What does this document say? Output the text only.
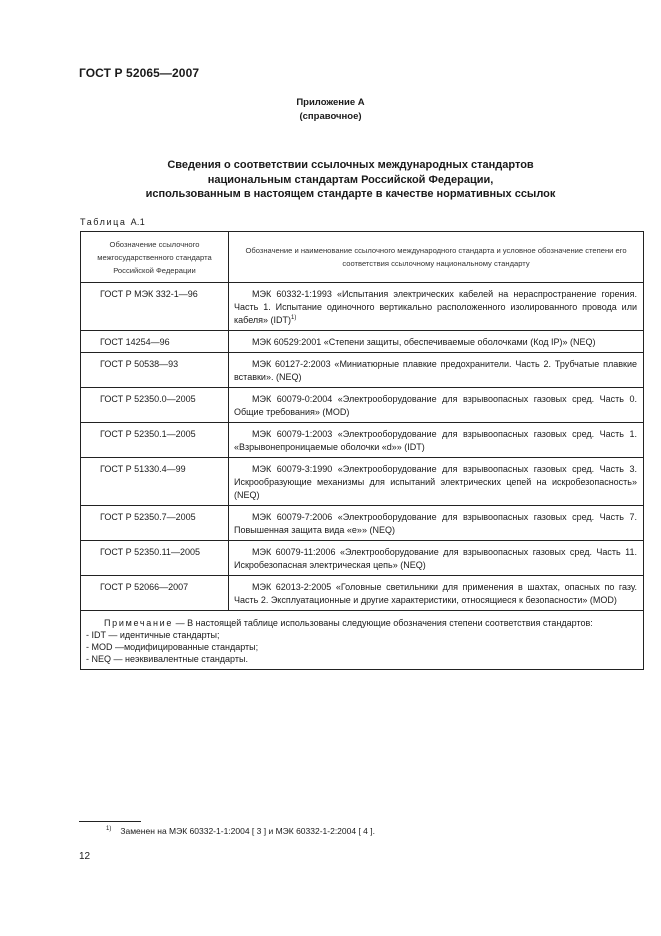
ГОСТ Р 52065—2007
Приложение А
(справочное)
Сведения о соответствии ссылочных международных стандартов
национальным стандартам Российской Федерации,
использованным в настоящем стандарте в качестве нормативных ссылок
Таблица А.1
Обозначение ссылочного межгосударственного стандарта Российской Федерации	Обозначение и наименование ссылочного международного стандарта и условное обозначение степени его соответствия ссылочному национальному стандарту
ГОСТ Р МЭК 332-1—96	МЭК 60332-1:1993 «Испытания электрических кабелей на нераспространение горения. Часть 1. Испытание одиночного вертикально расположенного изолированного провода или кабеля» (IDT)$^{1)}$
ГОСТ 14254—96	МЭК 60529:2001 «Степени защиты, обеспечиваемые оболочками (Код IP)» (NEQ)
ГОСТ Р 50538—93	МЭК 60127-2:2003 «Миниатюрные плавкие предохранители. Часть 2. Трубчатые плавкие вставки». (NEQ)
ГОСТ Р 52350.0—2005	МЭК 60079-0:2004 «Электрооборудование для взрывоопасных газовых сред. Часть 0. Общие требования» (MOD)
ГОСТ Р 52350.1—2005	МЭК 60079-1:2003 «Электрооборудование для взрывоопасных газовых сред. Часть 1. «Взрывонепроницаемые оболочки «d»» (IDT)
ГОСТ Р 51330.4—99	МЭК 60079-3:1990 «Электрооборудование для взрывоопасных газовых сред. Часть 3. Искрообразующие механизмы для испытаний электрических цепей на искробезопасность» (NEQ)
ГОСТ Р 52350.7—2005	МЭК 60079-7:2006 «Электрооборудование для взрывоопасных газовых сред. Часть 7. Повышенная защита вида «е»» (NEQ)
ГОСТ Р 52350.11—2005	МЭК 60079-11:2006 «Электрооборудование для взрывоопасных газовых сред. Часть 11. Искробезопасная электрическая цепь» (NEQ)
ГОСТ Р 52066—2007	МЭК 62013-2:2005 «Головные светильники для применения в шахтах, опасных по газу. Часть 2. Эксплуатационные и другие характеристики, относящиеся к безопасности» (MOD)

Примечание — В настоящей таблице использованы следующие обозначения степени соответствия стандартов:
- IDT — идентичные стандарты;
- MOD —модифицированные стандарты;
- NEQ — неэквивалентные стандарты.	
$^{1)}$ Заменен на МЭК 60332-1-1:2004 [ 3 ] и МЭК 60332-1-2:2004 [ 4 ].
12
